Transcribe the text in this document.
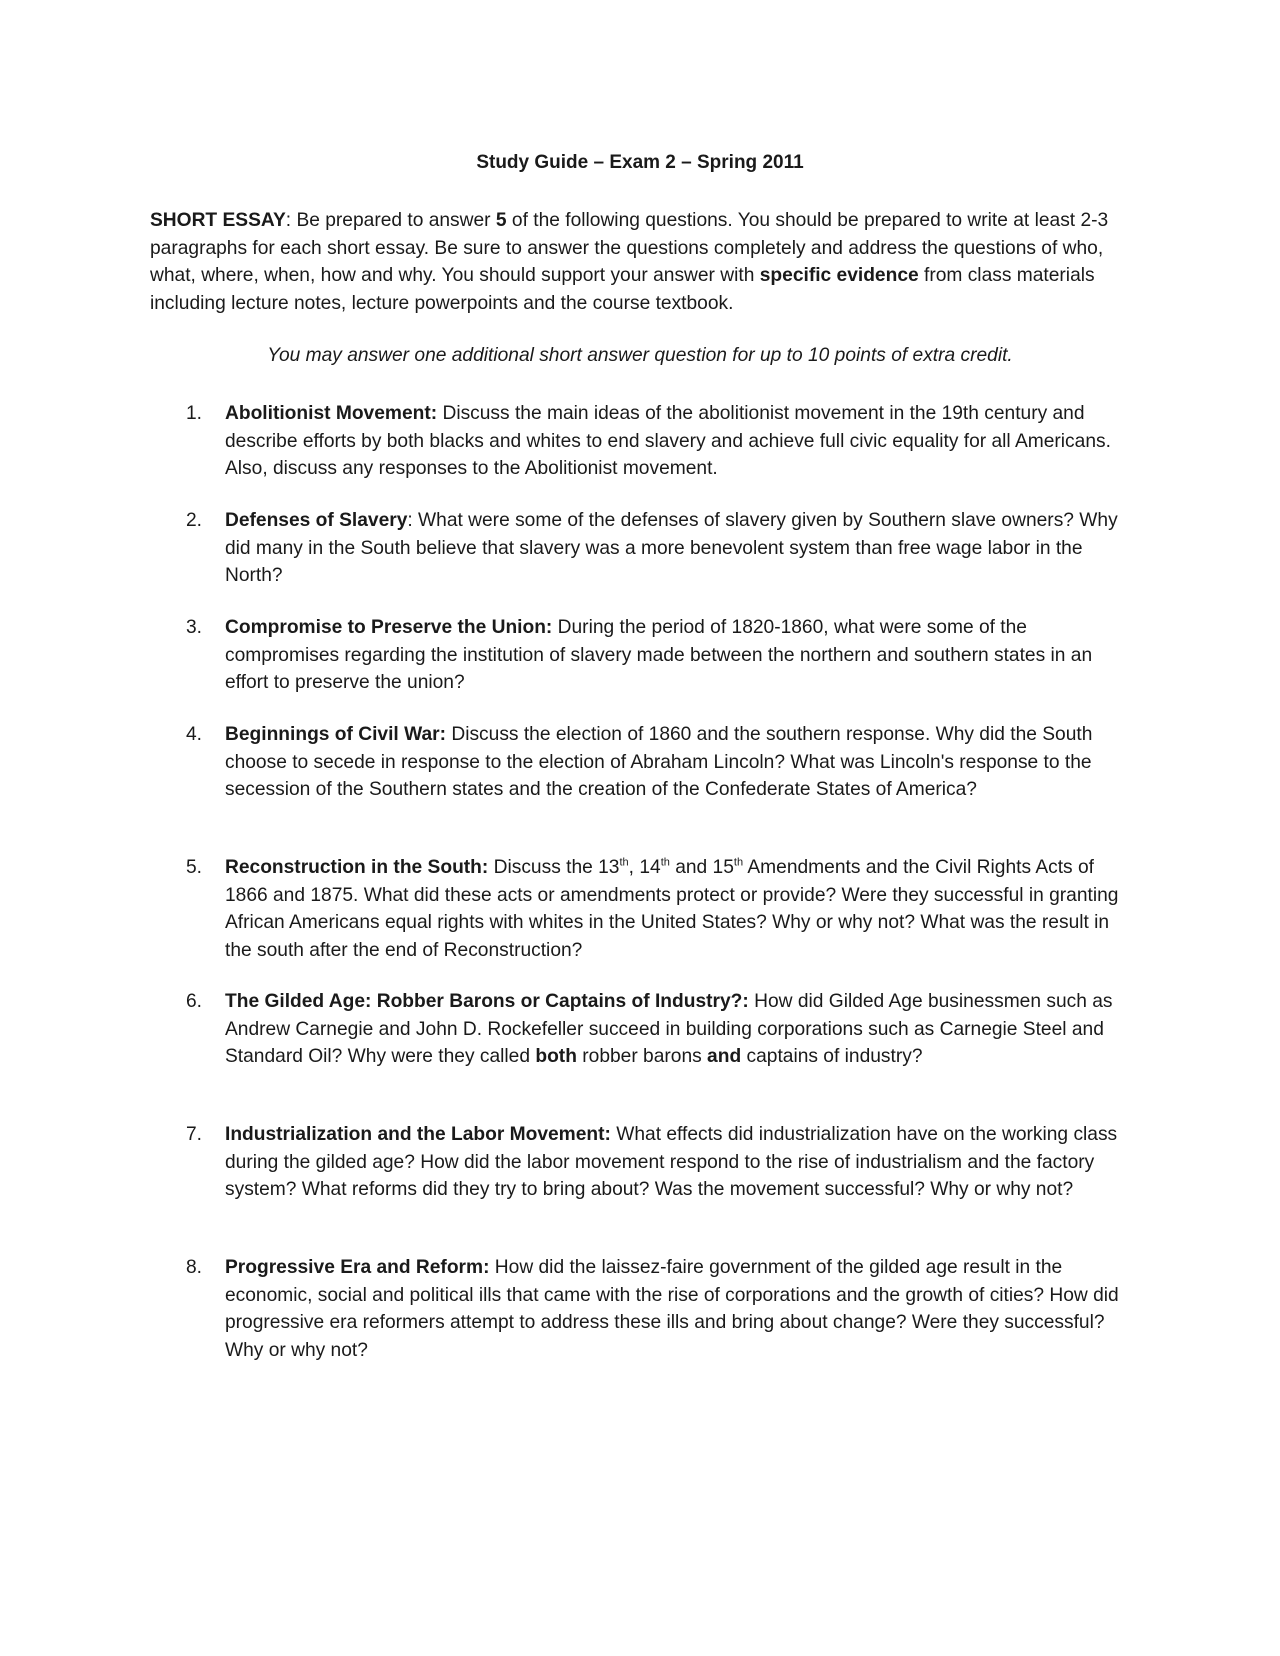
Study Guide – Exam 2 – Spring 2011

SHORT ESSAY: Be prepared to answer 5 of the following questions. You should be prepared to write at least 2-3 paragraphs for each short essay. Be sure to answer the questions completely and address the questions of who, what, where, when, how and why. You should support your answer with specific evidence from class materials including lecture notes, lecture powerpoints and the course textbook.

You may answer one additional short answer question for up to 10 points of extra credit.

1. Abolitionist Movement: Discuss the main ideas of the abolitionist movement in the 19th century and describe efforts by both blacks and whites to end slavery and achieve full civic equality for all Americans. Also, discuss any responses to the Abolitionist movement.

2. Defenses of Slavery: What were some of the defenses of slavery given by Southern slave owners? Why did many in the South believe that slavery was a more benevolent system than free wage labor in the North?

3. Compromise to Preserve the Union: During the period of 1820-1860, what were some of the compromises regarding the institution of slavery made between the northern and southern states in an effort to preserve the union?

4. Beginnings of Civil War: Discuss the election of 1860 and the southern response. Why did the South choose to secede in response to the election of Abraham Lincoln? What was Lincoln's response to the secession of the Southern states and the creation of the Confederate States of America?

5. Reconstruction in the South: Discuss the 13th, 14th and 15th Amendments and the Civil Rights Acts of 1866 and 1875. What did these acts or amendments protect or provide? Were they successful in granting African Americans equal rights with whites in the United States? Why or why not? What was the result in the south after the end of Reconstruction?

6. The Gilded Age: Robber Barons or Captains of Industry?: How did Gilded Age businessmen such as Andrew Carnegie and John D. Rockefeller succeed in building corporations such as Carnegie Steel and Standard Oil? Why were they called both robber barons and captains of industry?

7. Industrialization and the Labor Movement: What effects did industrialization have on the working class during the gilded age? How did the labor movement respond to the rise of industrialism and the factory system? What reforms did they try to bring about? Was the movement successful? Why or why not?

8. Progressive Era and Reform: How did the laissez-faire government of the gilded age result in the economic, social and political ills that came with the rise of corporations and the growth of cities? How did progressive era reformers attempt to address these ills and bring about change? Were they successful? Why or why not?
